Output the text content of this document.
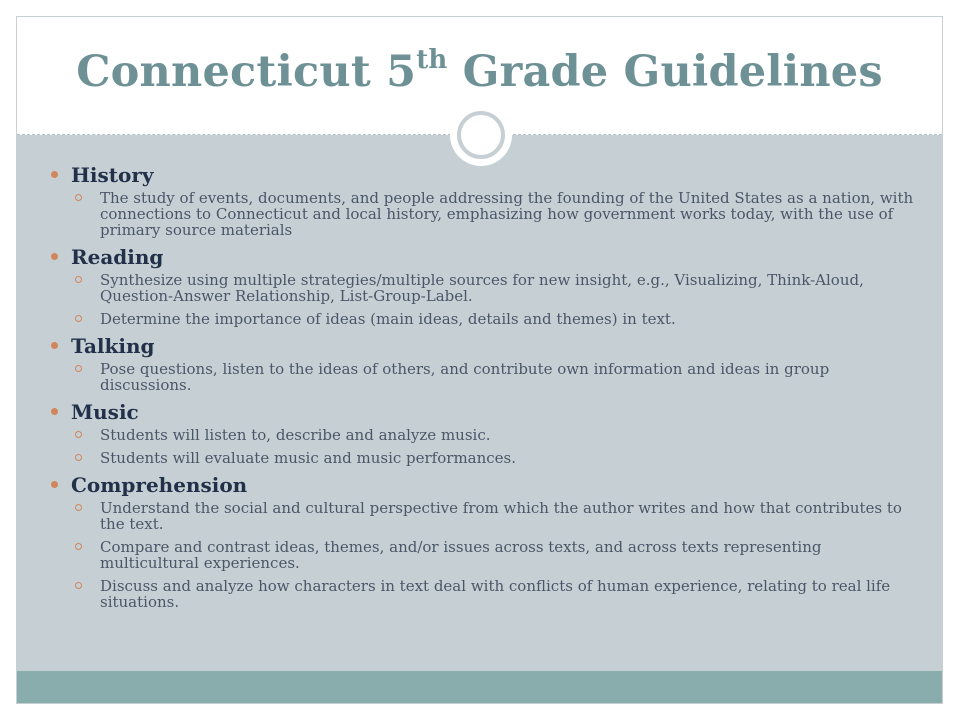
Connecticut 5th Grade Guidelines
History
The study of events, documents, and people addressing the founding of the United States as a nation, with connections to Connecticut and local history, emphasizing how government works today, with the use of primary source materials
Reading
Synthesize using multiple strategies/multiple sources for new insight, e.g., Visualizing, Think-Aloud, Question-Answer Relationship, List-Group-Label.
Determine the importance of ideas (main ideas, details and themes) in text.
Talking
Pose questions, listen to the ideas of others, and contribute own information and ideas in group discussions.
Music
Students will listen to, describe and analyze music.
Students will evaluate music and music performances.
Comprehension
Understand the social and cultural perspective from which the author writes and how that contributes to the text.
Compare and contrast ideas, themes, and/or issues across texts, and across texts representing multicultural experiences.
Discuss and analyze how characters in text deal with conflicts of human experience, relating to real life situations.
